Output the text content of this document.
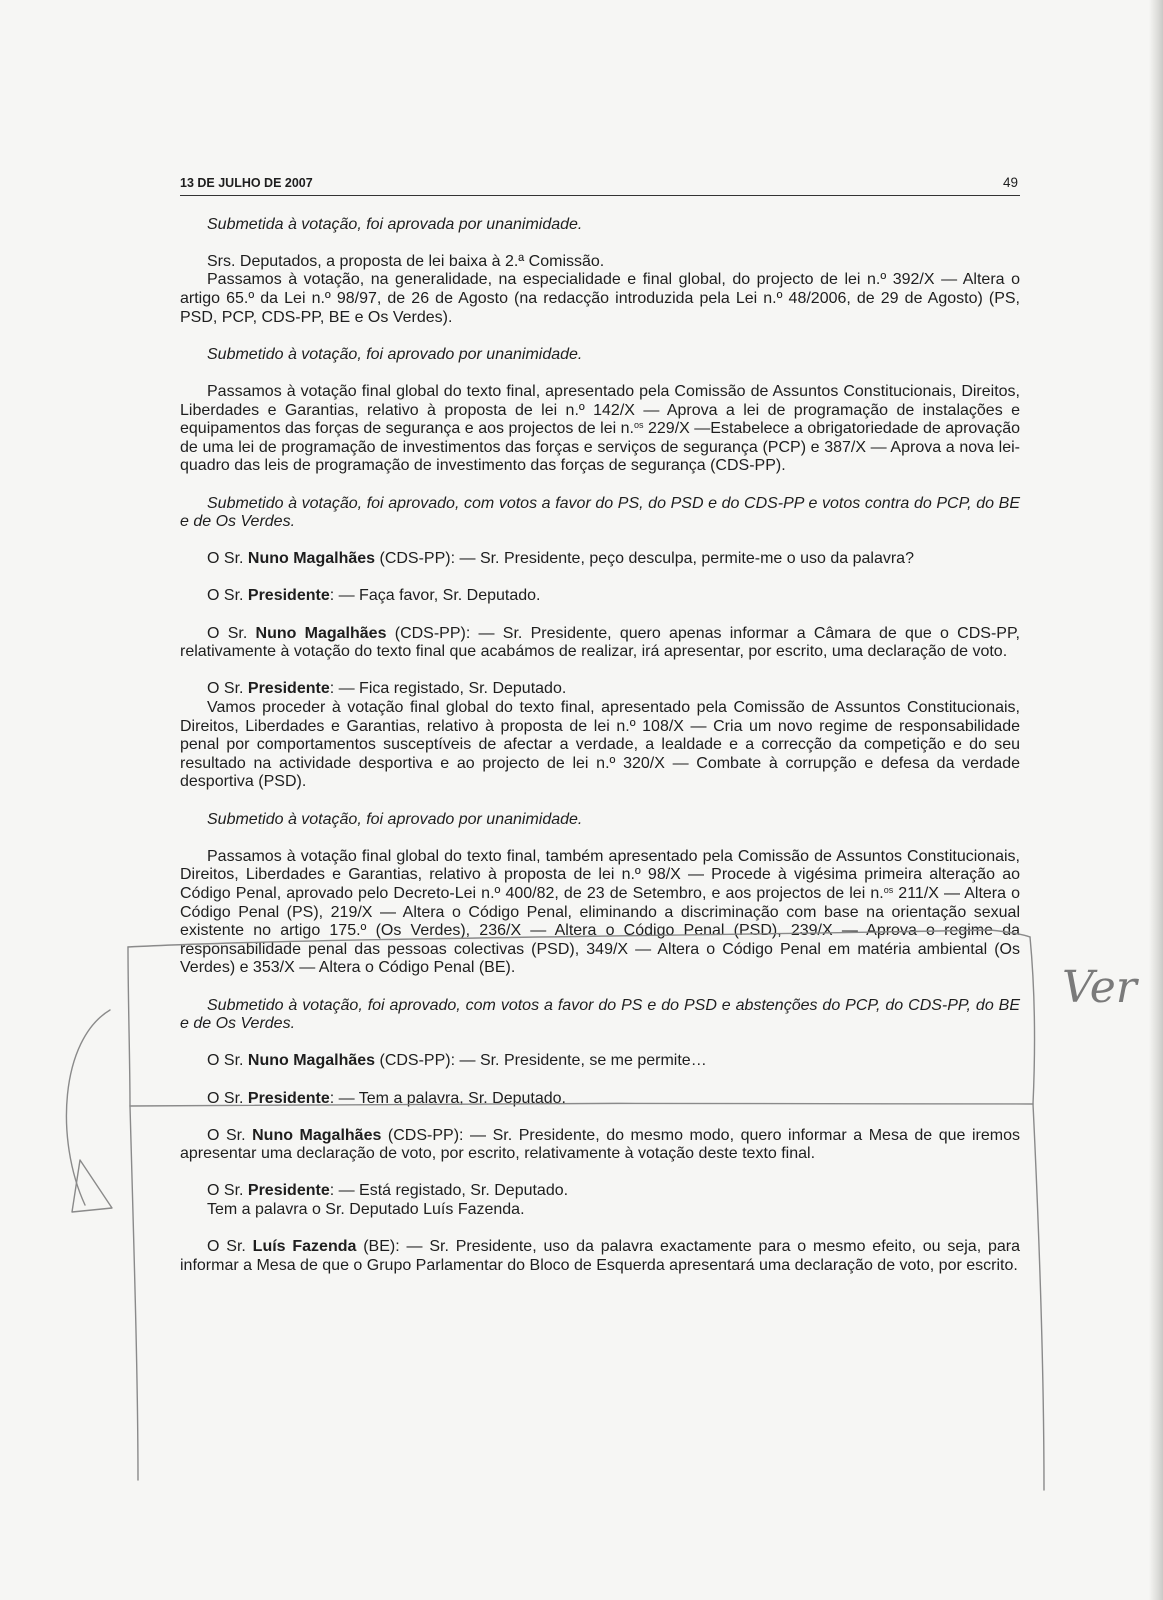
13 DE JULHO DE 2007	49

Submetida à votação, foi aprovada por unanimidade.

Srs. Deputados, a proposta de lei baixa à 2.ª Comissão.

Passamos à votação, na generalidade, na especialidade e final global, do projecto de lei n.º 392/X — Altera o artigo 65.º da Lei n.º 98/97, de 26 de Agosto (na redacção introduzida pela Lei n.º 48/2006, de 29 de Agosto) (PS, PSD, PCP, CDS-PP, BE e Os Verdes).

Submetido à votação, foi aprovado por unanimidade.

Passamos à votação final global do texto final, apresentado pela Comissão de Assuntos Constitucionais, Direitos, Liberdades e Garantias, relativo à proposta de lei n.º 142/X — Aprova a lei de programação de instalações e equipamentos das forças de segurança e aos projectos de lei n.$^{os}$ 229/X —Estabelece a obrigatoriedade de aprovação de uma lei de programação de investimentos das forças e serviços de segurança (PCP) e 387/X — Aprova a nova lei-quadro das leis de programação de investimento das forças de segurança (CDS-PP).

Submetido à votação, foi aprovado, com votos a favor do PS, do PSD e do CDS-PP e votos contra do PCP, do BE e de Os Verdes.

O Sr. Nuno Magalhães (CDS-PP): — Sr. Presidente, peço desculpa, permite-me o uso da palavra?

O Sr. Presidente: — Faça favor, Sr. Deputado.

O Sr. Nuno Magalhães (CDS-PP): — Sr. Presidente, quero apenas informar a Câmara de que o CDS-PP, relativamente à votação do texto final que acabámos de realizar, irá apresentar, por escrito, uma declaração de voto.

O Sr. Presidente: — Fica registado, Sr. Deputado.

Vamos proceder à votação final global do texto final, apresentado pela Comissão de Assuntos Constitucionais, Direitos, Liberdades e Garantias, relativo à proposta de lei n.º 108/X — Cria um novo regime de responsabilidade penal por comportamentos susceptíveis de afectar a verdade, a lealdade e a correcção da competição e do seu resultado na actividade desportiva e ao projecto de lei n.º 320/X — Combate à corrupção e defesa da verdade desportiva (PSD).

Submetido à votação, foi aprovado por unanimidade.

Passamos à votação final global do texto final, também apresentado pela Comissão de Assuntos Constitucionais, Direitos, Liberdades e Garantias, relativo à proposta de lei n.º 98/X — Procede à vigésima primeira alteração ao Código Penal, aprovado pelo Decreto-Lei n.º 400/82, de 23 de Setembro, e aos projectos de lei n.$^{os}$ 211/X — Altera o Código Penal (PS), 219/X — Altera o Código Penal, eliminando a discriminação com base na orientação sexual existente no artigo 175.º (Os Verdes), 236/X — Altera o Código Penal (PSD), 239/X — Aprova o regime da responsabilidade penal das pessoas colectivas (PSD), 349/X — Altera o Código Penal em matéria ambiental (Os Verdes) e 353/X — Altera o Código Penal (BE).

Submetido à votação, foi aprovado, com votos a favor do PS e do PSD e abstenções do PCP, do CDS-PP, do BE e de Os Verdes.

O Sr. Nuno Magalhães (CDS-PP): — Sr. Presidente, se me permite…

O Sr. Presidente: — Tem a palavra, Sr. Deputado.

O Sr. Nuno Magalhães (CDS-PP): — Sr. Presidente, do mesmo modo, quero informar a Mesa de que iremos apresentar uma declaração de voto, por escrito, relativamente à votação deste texto final.

O Sr. Presidente: — Está registado, Sr. Deputado.

Tem a palavra o Sr. Deputado Luís Fazenda.

O Sr. Luís Fazenda (BE): — Sr. Presidente, uso da palavra exactamente para o mesmo efeito, ou seja, para informar a Mesa de que o Grupo Parlamentar do Bloco de Esquerda apresentará uma declaração de voto, por escrito.

Ver
